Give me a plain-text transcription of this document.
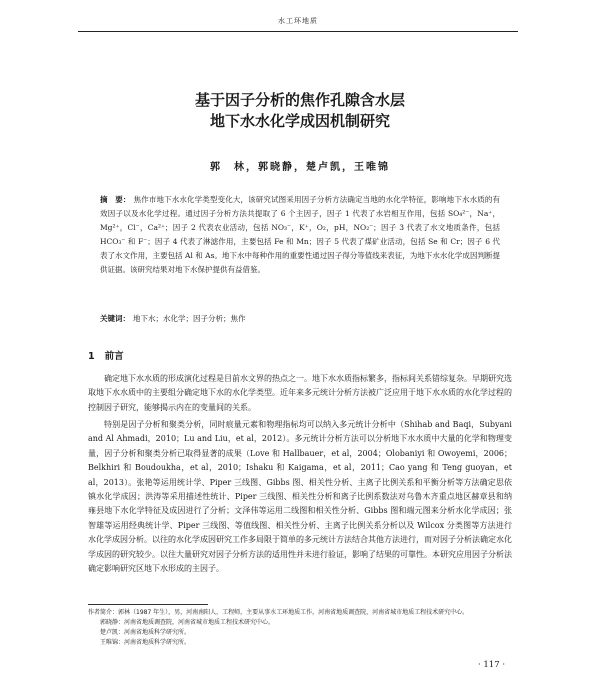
水工环地质
基于因子分析的焦作孔隙含水层
地下水水化学成因机制研究
郭　林，郭晓静，楚卢凯，王唯锦

摘　要： 焦作市地下水水化学类型变化大，该研究试图采用因子分析方法确定当地的水化学特征，影响地下水水质的有效因子以及水化学过程。通过因子分析方法共提取了 6 个主因子，因子 1 代表了水岩相互作用，包括 SO₄²⁻，Na⁺，Mg²⁺，Cl⁻，Ca²⁺；因子 2 代表农业活动，包括 NO₃⁻，K⁺，O₂，pH，NO₂⁻；因子 3 代表了水文地质条件，包括 HCO₃⁻ 和 F⁻；因子 4 代表了淋滤作用，主要包括 Fe 和 Mn；因子 5 代表了煤矿业活动，包括 Se 和 Cr；因子 6 代表了水文作用，主要包括 Al 和 As。地下水中每种作用的重要性通过因子得分等值线来表征，为地下水水化学成因判断提供证据。该研究结果对地下水保护提供有益借鉴。

关键词： 地下水；水化学；因子分析；焦作

1 前言

确定地下水水质的形成演化过程是目前水文界的热点之一。地下水水质指标繁多，指标间关系错综复杂。早期研究选取地下水水质中的主要组分确定地下水的水化学类型。近年来多元统计分析方法被广泛应用于地下水水质的水化学过程的控制因子研究，能够揭示内在的变量间的关系。

特别是因子分析和聚类分析，同时痕量元素和物理指标均可以纳入多元统计分析中（Shihab and Baqi，Subyani and Al Ahmadi，2010；Lu and Liu，et al，2012）。多元统计分析方法可以分析地下水水质中大量的化学和物理变量，因子分析和聚类分析已取得显著的成果（Love 和 Hallbauer，et al，2004；Olobaniyi 和 Owoyemi，2006；Belkhiri 和 Boudoukha，et al，2010；Ishaku 和 Kaigama，et al，2011；Cao yang 和 Teng guoyan，et al，2013）。张艳等运用统计学、Piper 三线图、Gibbs 图、相关性分析、主离子比例关系和平衡分析等方法确定思依镇水化学成因；洪涛等采用描述性统计、Piper 三线图、相关性分析和离子比例系数法对乌鲁木齐重点地区赫章县和纳雍县地下水化学特征及成因进行了分析；文泽伟等运用二线图和相关性分析、Gibbs 图和端元图来分析水化学成因；张智雄等运用经典统计学、Piper 三线图、等值线图、相关性分析、主离子比例关系分析以及 Wilcox 分类图等方法进行水化学成因分析。以往的水化学成因研究工作多局限于简单的多元统计方法结合其他方法进行，而对因子分析法确定水化学成因的研究较少。以往大量研究对因子分析方法的适用性并未进行验证，影响了结果的可靠性。本研究应用因子分析法确定影响研究区地下水形成的主因子。

作者简介：郭林（1987 年生），男，河南南阳人，工程师，主要从事水工环地质工作，河南省地质调查院，河南省城市地质工程技术研究中心。
郭晓静：河南省地质调查院，河南省城市地质工程技术研究中心。
楚卢凯：河南省地质科学研究所。
王唯锦：河南省地质科学研究所。
· 117 ·
